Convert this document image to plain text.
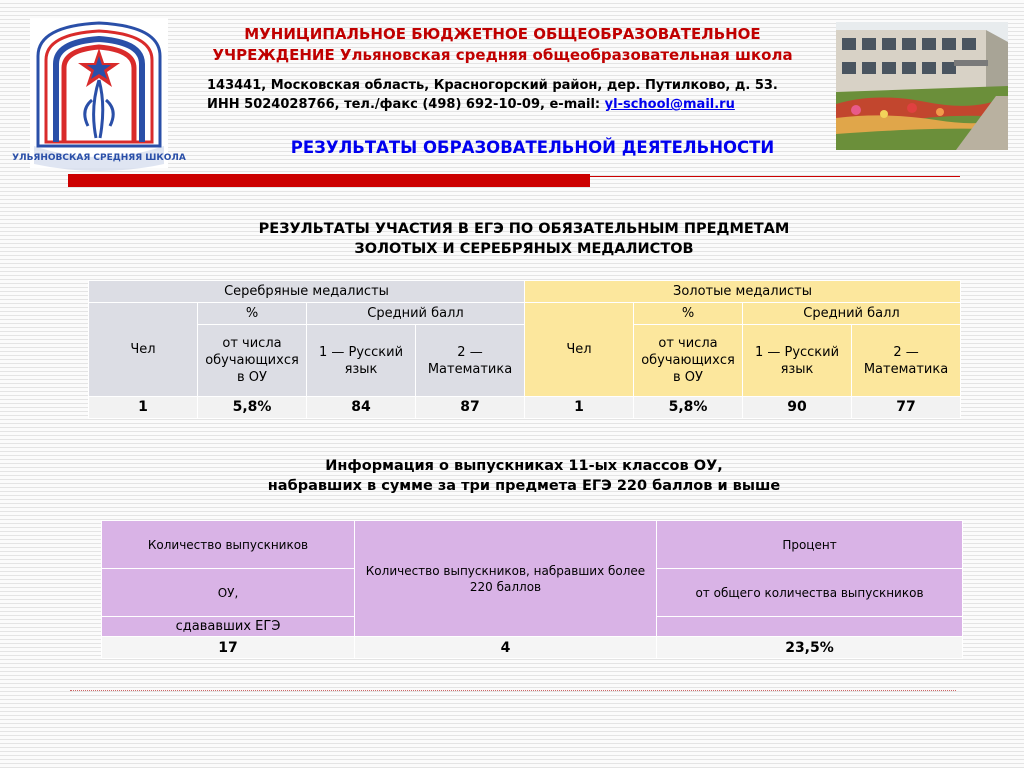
УЛЬЯНОВСКАЯ СРЕДНЯЯ ШКОЛА
МУНИЦИПАЛЬНОЕ БЮДЖЕТНОЕ ОБЩЕОБРАЗОВАТЕЛЬНОЕ
УЧРЕЖДЕНИЕ Ульяновская средняя общеобразовательная школа
143441, Московская область, Красногорский район, дер. Путилково, д. 53.
ИНН 5024028766, тел./факс (498) 692-10-09, e-mail: yl-school@mail.ru
РЕЗУЛЬТАТЫ ОБРАЗОВАТЕЛЬНОЙ ДЕЯТЕЛЬНОСТИ
РЕЗУЛЬТАТЫ УЧАСТИЯ В ЕГЭ ПО ОБЯЗАТЕЛЬНЫМ ПРЕДМЕТАМ
ЗОЛОТЫХ И СЕРЕБРЯНЫХ МЕДАЛИСТОВ
Серебряные медалисты				Золотые медалисты			
Чел	%	Средний балл		Чел	%	Средний балл	
	от числа обучающихся в ОУ	1 — Русский язык	2 — Математика		от числа обучающихся в ОУ	1 — Русский язык	2 — Математика
1	5,8%	84	87	1	5,8%	90	77
Информация о выпускниках 11-ых классов ОУ,
набравших в сумме за три предмета ЕГЭ 220 баллов и выше
Количество выпускников	Количество выпускников, набравших более 220 баллов	Процент
ОУ,		от общего количества выпускников
сдававших ЕГЭ		
17	4	23,5%
